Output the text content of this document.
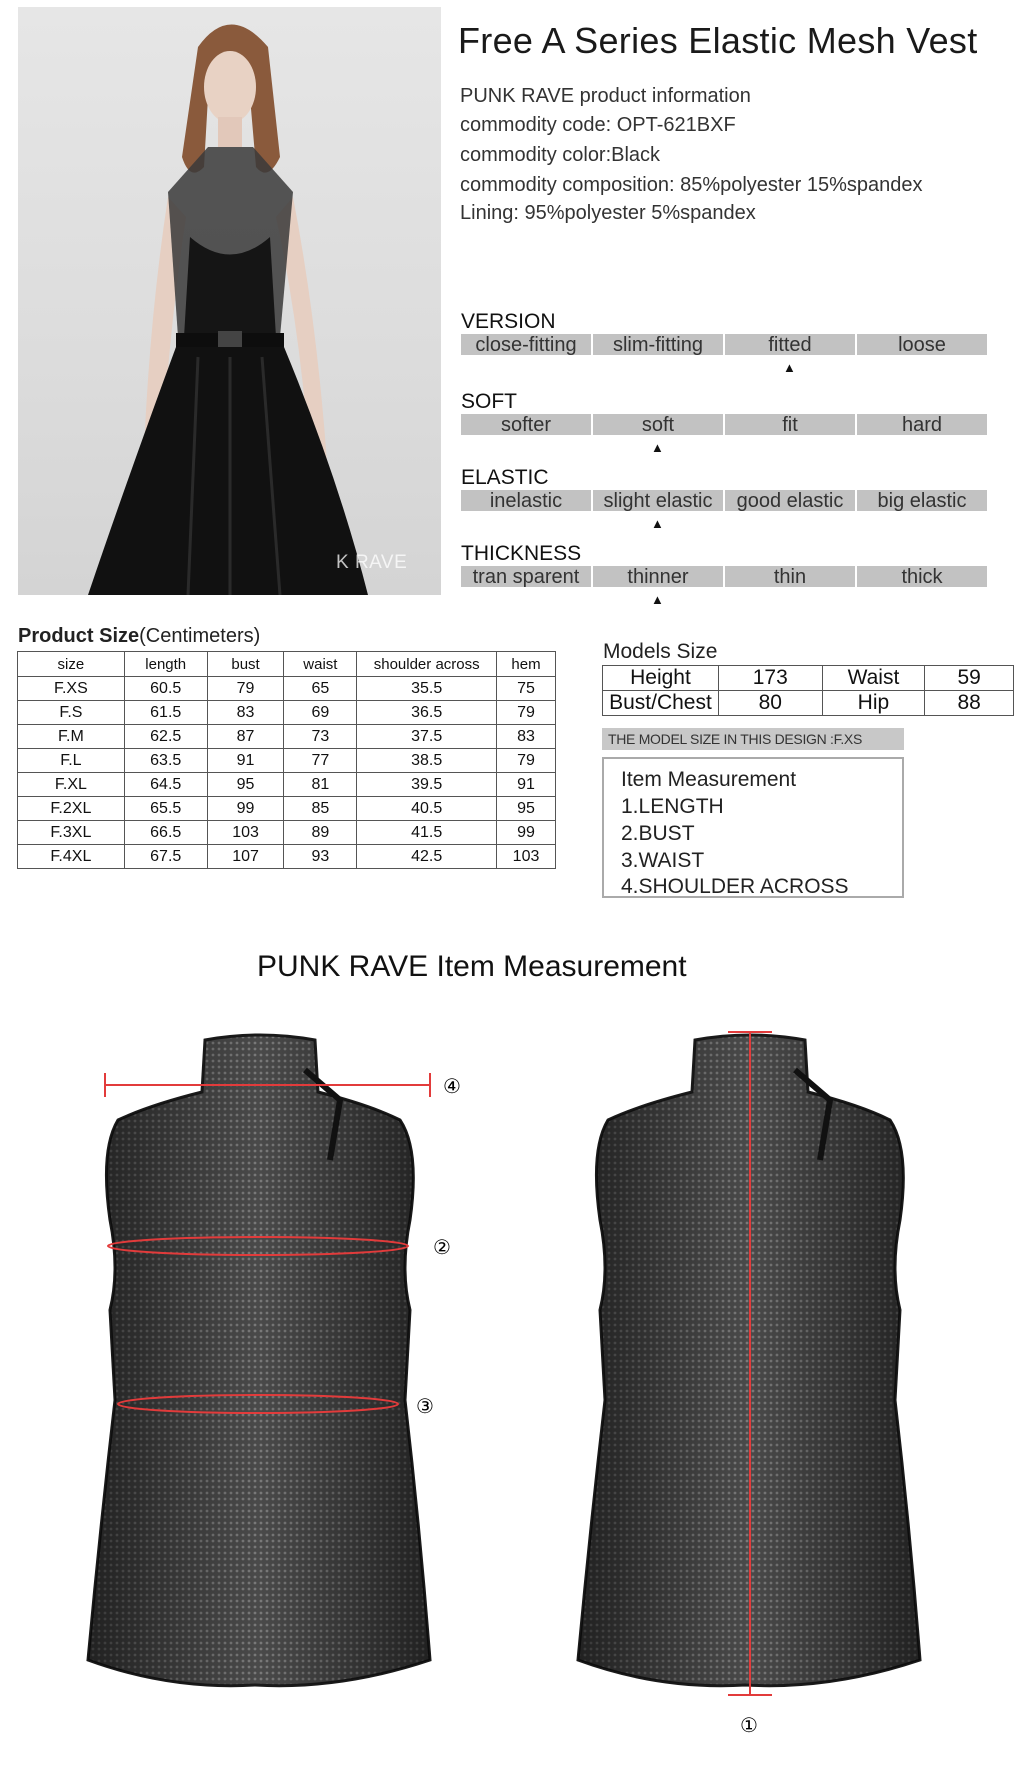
K RAVE
Free A Series Elastic Mesh Vest
PUNK RAVE product information
commodity code: OPT-621BXF
commodity color:Black
commodity composition: 85%polyester 15%spandex
Lining: 95%polyester 5%spandex
VERSION
close-fitting	slim-fitting	fitted	loose
▲
SOFT
softer	soft	fit	hard
▲
ELASTIC
inelastic	slight elastic	good elastic	big elastic
▲
THICKNESS
tran sparent	thinner	thin	thick
▲
Product Size(Centimeters)
size	length	bust	waist	shoulder across	hem
F.XS	60.5	79	65	35.5	75
F.S	61.5	83	69	36.5	79
F.M	62.5	87	73	37.5	83
F.L	63.5	91	77	38.5	79
F.XL	64.5	95	81	39.5	91
F.2XL	65.5	99	85	40.5	95
F.3XL	66.5	103	89	41.5	99
F.4XL	67.5	107	93	42.5	103
Models Size
Height	173	Waist	59
Bust/Chest	80	Hip	88
THE MODEL SIZE IN THIS DESIGN :F.XS
Item Measurement
1.LENGTH
2.BUST
3.WAIST
4.SHOULDER ACROSS
PUNK RAVE Item Measurement
④
②
③
①
